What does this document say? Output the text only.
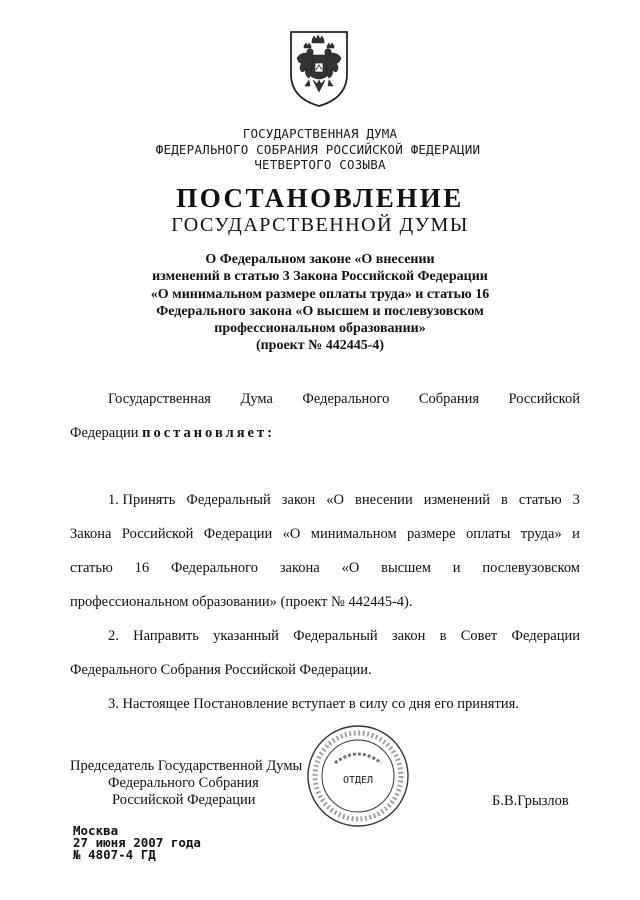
ГОСУДАРСТВЕННАЯ ДУМА
ФЕДЕРАЛЬНОГО СОБРАНИЯ РОССИЙСКОЙ ФЕДЕРАЦИИ
ЧЕТВЕРТОГО СОЗЫВА
ПОСТАНОВЛЕНИЕ
ГОСУДАРСТВЕННОЙ ДУМЫ
О Федеральном законе «О внесении
изменений в статью 3 Закона Российской Федерации
«О минимальном размере оплаты труда» и статью 16
Федерального закона «О высшем и послевузовском
профессиональном образовании»
(проект № 442445-4)
Государственная Дума Федерального Собрания Российской
Федерации постановляет:
1. Принять Федеральный закон «О внесении изменений в статью 3
Закона Российской Федерации «О минимальном размере оплаты труда» и
статью 16 Федерального закона «О высшем и послевузовском
профессиональном образовании» (проект № 442445-4).
2. Направить указанный Федеральный закон в Совет Федерации
Федерального Собрания Российской Федерации.
3. Настоящее Постановление вступает в силу со дня его принятия.
Председатель Государственной Думы
Федерального Собрания
Российской Федерации	Б.В.Грызлов
ОТДЕЛ
Москва
27 июня 2007 года
№ 4807-4 ГД
